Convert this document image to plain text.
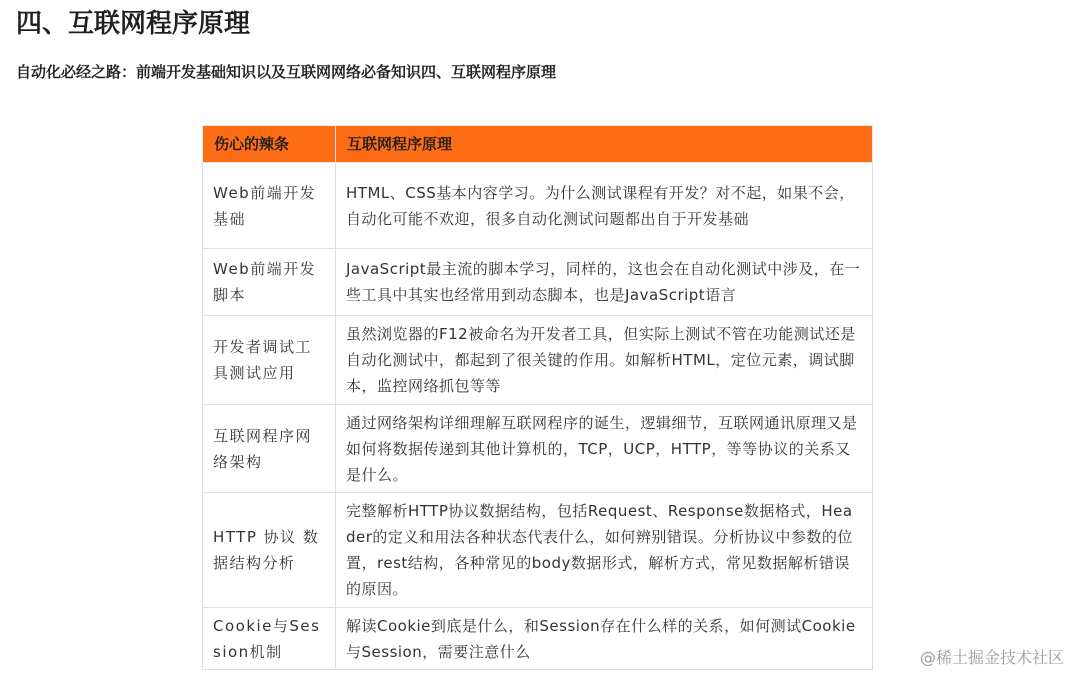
四、互联网程序原理

自动化必经之路：前端开发基础知识以及互联网网络必备知识四、互联网程序原理

伤心的辣条	互联网程序原理
Web前端开发基础	HTML、CSS基本内容学习。为什么测试课程有开发？对不起，如果不会，自动化可能不欢迎，很多自动化测试问题都出自于开发基础
Web前端开发脚本	JavaScript最主流的脚本学习，同样的，这也会在自动化测试中涉及，在一些工具中其实也经常用到动态脚本，也是JavaScript语言
开发者调试工具测试应用	虽然浏览器的F12被命名为开发者工具，但实际上测试不管在功能测试还是自动化测试中，都起到了很关键的作用。如解析HTML，定位元素，调试脚本，监控网络抓包等等
互联网程序网络架构	通过网络架构详细理解互联网程序的诞生，逻辑细节，互联网通讯原理又是如何将数据传递到其他计算机的，TCP，UCP，HTTP，等等协议的关系又是什么。
HTTP 协议 数据结构分析	完整解析HTTP协议数据结构，包括Request、Response数据格式，Header的定义和用法各种状态代表什么，如何辨别错误。分析协议中参数的位置，rest结构，各种常见的body数据形式，解析方式，常见数据解析错误的原因。
Cookie与Session机制	解读Cookie到底是什么，和Session存在什么样的关系，如何测试Cookie与Session，需要注意什么	@稀土掘金技术社区
